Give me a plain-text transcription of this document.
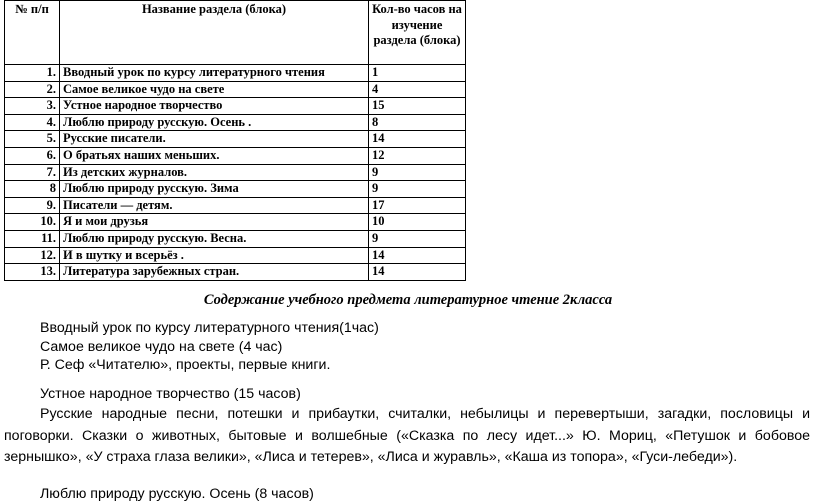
№ п/п	Название раздела (блока)	Кол-во часов на изучение раздела (блока)
1.	Вводный урок по курсу литературного чтения	1
2.	Самое великое чудо на свете	4
3.	Устное народное творчество	15
4.	Люблю природу русскую. Осень .	8
5.	Русские писатели.	14
6.	О братьях наших меньших.	12
7.	Из детских журналов.	9
8	Люблю природу русскую. Зима	9
9.	Писатели — детям.	17
10.	Я и мои друзья	10
11.	Люблю природу русскую. Весна.	9
12.	И в шутку и всерьёз .	14
13.	Литература зарубежных стран.	14
Содержание учебного предмета литературное чтение 2класса
Вводный урок по курсу литературного чтения(1час)
Самое великое чудо на свете (4 час)
Р. Сеф «Читателю», проекты, первые книги.
Устное народное творчество (15 часов)
Русские народные песни, потешки и прибаутки, считалки, небылицы и перевертыши, загадки, пословицы и поговорки. Сказки о животных, бытовые и волшебные («Сказка по лесу идет...» Ю. Мориц, «Петушок и бобовое зернышко», «У страха глаза велики», «Лиса и тетерев», «Лиса и журавль», «Каша из топора», «Гуси-лебеди»).
Люблю природу русскую. Осень (8 часов)
